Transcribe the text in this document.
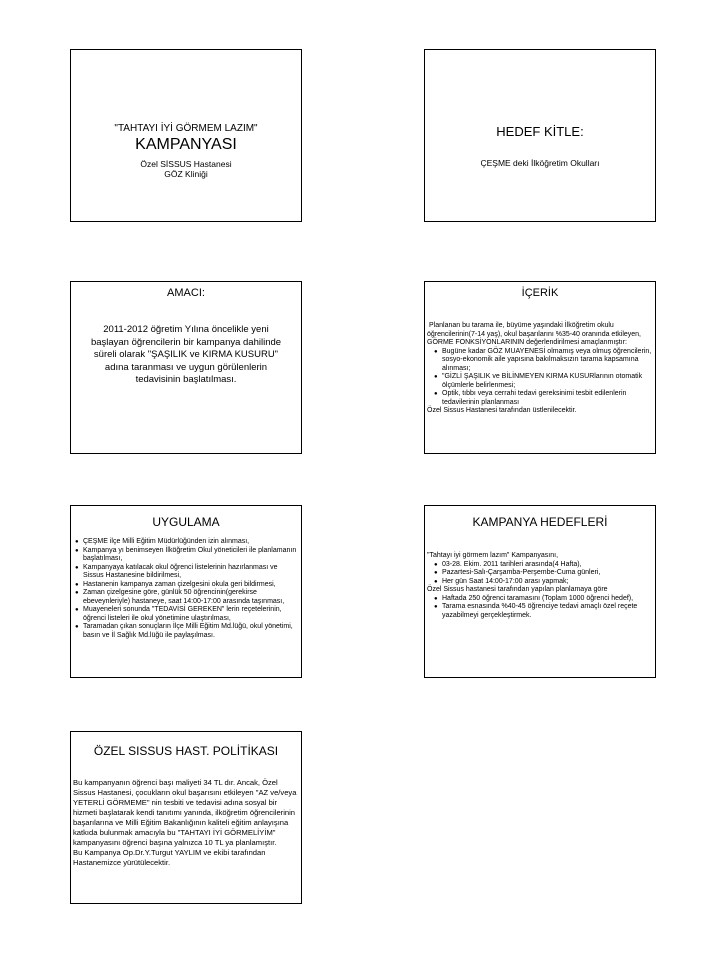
"TAHTAYI İYİ GÖRMEM LAZIM"
KAMPANYASI
Özel SİSSUS Hastanesi
GÖZ Kliniği
HEDEF KİTLE:
ÇEŞME deki İlköğretim Okulları
AMACI:
2011-2012 öğretim Yılına öncelikle yeni başlayan öğrencilerin bir kampanya dahilinde süreli olarak "ŞAŞILIK ve KIRMA KUSURU" adına taranması ve uygun görülenlerin tedavisinin başlatılması.
İÇERİK
Planlanan bu tarama ile, büyüme yaşındaki İlköğretim okulu öğrencilerinin(7-14 yaş), okul başarılarını %35-40 oranında etkileyen, GÖRME FONKSİYONLARININ değerlendirilmesi amaçlanmıştır:
● Bugüne kadar GÖZ MUAYENESİ olmamış veya olmuş öğrencilerin, sosyo-ekonomik aile yapısına bakılmaksızın tarama kapsamına alınması;
● "GİZLİ ŞAŞILIK ve BİLİNMEYEN KIRMA KUSURlarının otomatik ölçümlerle belirlenmesi;
● Optik, tıbbı veya cerrahi tedavi gereksinimi tesbit edilenlerin tedavilerinin planlanması
Özel Sissus Hastanesi tarafından üstlenilecektir.
UYGULAMA
● ÇEŞME ilçe Milli Eğitim Müdürlüğünden izin alınması,
● Kampanya yı benimseyen İlköğretim Okul yöneticileri ile planlamanın başlatılması,
● Kampanyaya katılacak okul öğrenci listelerinin hazırlanması ve Sissus Hastanesine bildirilmesi,
● Hastanenin kampanya zaman çizelgesini okula geri bildirmesi,
● Zaman çizelgesine göre, günlük 50 öğrencinin(gerekirse ebeveynleriyle) hastaneye, saat 14:00-17:00 arasında taşınması,
● Muayeneleri sonunda "TEDAVİSİ GEREKEN" lerin reçetelerinin, öğrenci listeleri ile okul yönetimine ulaştırılması,
● Taramadan çıkan sonuçların İlçe Milli Eğitim Md.lüğü, okul yönetimi, basın ve İl Sağlık Md.lüğü ile paylaşılması.
KAMPANYA HEDEFLERİ
"Tahtayı iyi görmem lazım" Kampanyasını,
● 03-28. Ekim. 2011 tarihleri arasında(4 Hafta),
● Pazartesi-Salı-Çarşamba-Perşembe-Cuma günleri,
● Her gün Saat 14:00-17:00 arası yapmak;
Özel Sissus hastanesi tarafından yapılan planlamaya göre
● Haftada 250 öğrenci taramasını (Toplam 1000 öğrenci hedef),
● Tarama esnasında %40-45 öğrenciye tedavi amaçlı özel reçete yazabilmeyi gerçekleştirmek.
ÖZEL SISSUS HAST. POLİTİKASI
Bu kampanyanın öğrenci başı maliyeti 34 TL dır. Ancak, Özel Sissus Hastanesi, çocukların okul başarısını etkileyen "AZ ve/veya YETERLİ GÖRMEME" nin tesbiti ve tedavisi adına sosyal bir hizmeti başlatarak kendi tanıtımı yanında, ilköğretim öğrencilerinin başarılarına ve Milli Eğitim Bakanlığının kaliteli eğitim anlayışına katkıda bulunmak amacıyla bu "TAHTAYI İYİ GÖRMELİYİM" kampanyasını öğrenci başına yalnızca 10 TL ya planlamıştır.
Bu Kampanya Op.Dr.Y.Turgut YAYLIM ve ekibi tarafından Hastanemizce yürütülecektir.
